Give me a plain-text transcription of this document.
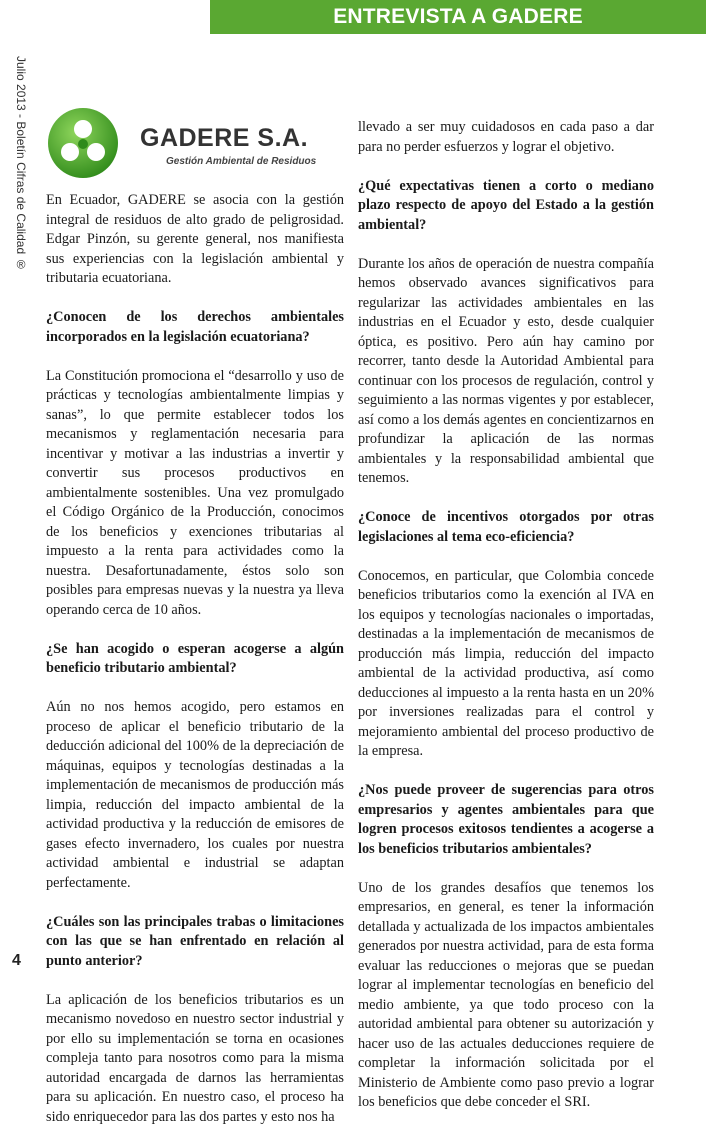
ENTREVISTA A GADERE
Julio 2013 - Boletín Cifras de Calidad ®
4
GADERE S.A.
Gestión Ambiental de Residuos

En Ecuador, GADERE se asocia con la gestión integral de residuos de alto grado de peligrosidad. Edgar Pinzón, su gerente general, nos manifiesta sus experiencias con la legislación ambiental y tributaria ecuatoriana.

¿Conocen de los derechos ambientales incorporados en la legislación ecuatoriana?

La Constitución promociona el “desarrollo y uso de prácticas y tecnologías ambientalmente limpias y sanas”, lo que permite establecer todos los mecanismos y reglamentación necesaria para incentivar y motivar a las industrias a invertir y convertir sus procesos productivos en ambientalmente sostenibles. Una vez promulgado el Código Orgánico de la Producción, conocimos de los beneficios y exenciones tributarias al impuesto a la renta para actividades como la nuestra. Desafortunadamente, éstos solo son posibles para empresas nuevas y la nuestra ya lleva operando cerca de 10 años.

¿Se han acogido o esperan acogerse a algún beneficio tributario ambiental?

Aún no nos hemos acogido, pero estamos en proceso de aplicar el beneficio tributario de la deducción adicional del 100% de la depreciación de máquinas, equipos y tecnologías destinadas a la implementación de mecanismos de producción más limpia, reducción del impacto ambiental de la actividad productiva y la reducción de emisores de gases efecto invernadero, los cuales por nuestra actividad ambiental e industrial se adaptan perfectamente.

¿Cuáles son las principales trabas o limitaciones con las que se han enfrentado en relación al punto anterior?

La aplicación de los beneficios tributarios es un mecanismo novedoso en nuestro sector industrial y por ello su implementación se torna en ocasiones compleja tanto para nosotros como para la misma autoridad encargada de darnos las herramientas para su aplicación. En nuestro caso, el proceso ha sido enriquecedor para las dos partes y esto nos ha

llevado a ser muy cuidadosos en cada paso a dar para no perder esfuerzos y lograr el objetivo.

¿Qué expectativas tienen a corto o mediano plazo respecto de apoyo del Estado a la gestión ambiental?

Durante los años de operación de nuestra compañía hemos observado avances significativos para regularizar las actividades ambientales en las industrias en el Ecuador y esto, desde cualquier óptica, es positivo. Pero aún hay camino por recorrer, tanto desde la Autoridad Ambiental para continuar con los procesos de regulación, control y seguimiento a las normas vigentes y por establecer, así como a los demás agentes en concientizarnos en profundizar la aplicación de las normas ambientales y la responsabilidad ambiental que tenemos.

¿Conoce de incentivos otorgados por otras legislaciones al tema eco-eficiencia?

Conocemos, en particular, que Colombia concede beneficios tributarios como la exención al IVA en los equipos y tecnologías nacionales o importadas, destinadas a la implementación de mecanismos de producción más limpia, reducción del impacto ambiental de la actividad productiva, así como deducciones al impuesto a la renta hasta en un 20% por inversiones realizadas para el control y mejoramiento ambiental del proceso productivo de la empresa.

¿Nos puede proveer de sugerencias para otros empresarios y agentes ambientales para que logren procesos exitosos tendientes a acogerse a los beneficios tributarios ambientales?

Uno de los grandes desafíos que tenemos los empresarios, en general, es tener la información detallada y actualizada de los impactos ambientales generados por nuestra actividad, para de esta forma evaluar las reducciones o mejoras que se puedan lograr al implementar tecnologías en beneficio del medio ambiente, ya que todo proceso con la autoridad ambiental para obtener su autorización y hacer uso de las actuales deducciones requiere de completar la información solicitada por el Ministerio de Ambiente como paso previo a lograr los beneficios que debe conceder el SRI.
